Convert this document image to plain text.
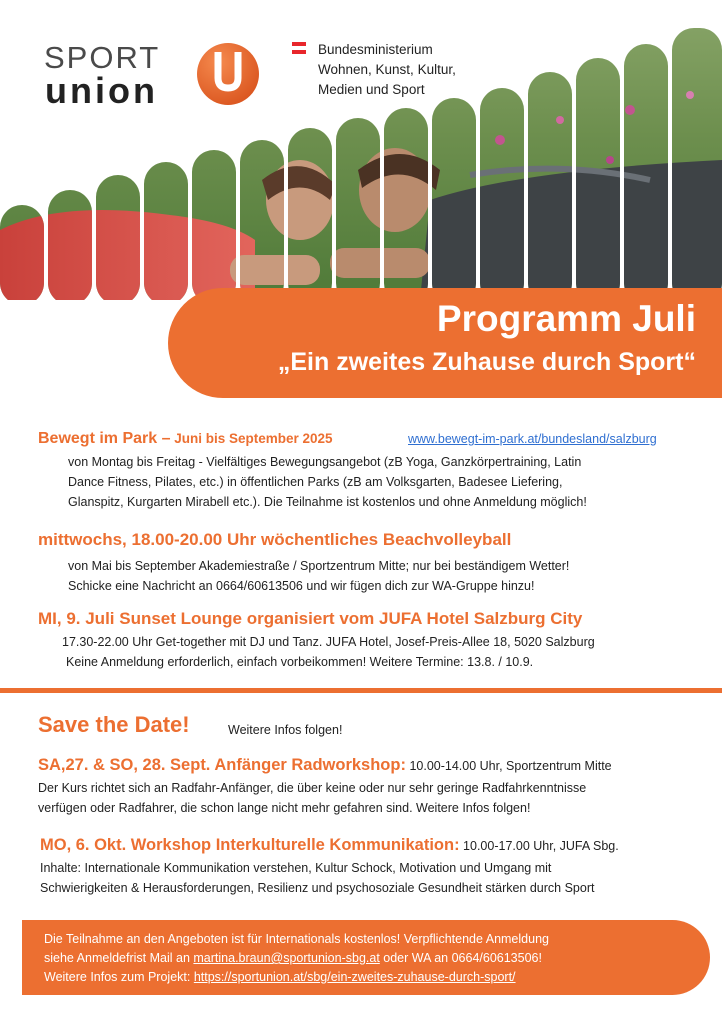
SPORT
union
Bundesministerium
Wohnen, Kunst, Kultur,
Medien und Sport
Programm Juli
„Ein zweites Zuhause durch Sport“
Bewegt im Park – Juni bis September 2025	www.bewegt-im-park.at/bundesland/salzburg
von Montag bis Freitag - Vielfältiges Bewegungsangebot (zB Yoga, Ganzkörpertraining, Latin
Dance Fitness, Pilates, etc.) in öffentlichen Parks (zB am Volksgarten, Badesee Liefering,
Glanspitz, Kurgarten Mirabell etc.). Die Teilnahme ist kostenlos und ohne Anmeldung möglich!
mittwochs, 18.00-20.00 Uhr wöchentliches Beachvolleyball
von Mai bis September Akademiestraße / Sportzentrum Mitte; nur bei beständigem Wetter!
Schicke eine Nachricht an 0664/60613506 und wir fügen dich zur WA-Gruppe hinzu!
MI, 9. Juli Sunset Lounge organisiert vom JUFA Hotel Salzburg City
17.30-22.00 Uhr Get-together mit DJ und Tanz. JUFA Hotel, Josef-Preis-Allee 18, 5020 Salzburg
Keine Anmeldung erforderlich, einfach vorbeikommen! Weitere Termine: 13.8. / 10.9.
Save the Date!	Weitere Infos folgen!
SA,27. & SO, 28. Sept. Anfänger Radworkshop: 10.00-14.00 Uhr, Sportzentrum Mitte
Der Kurs richtet sich an Radfahr-Anfänger, die über keine oder nur sehr geringe Radfahrkenntnisse
verfügen oder Radfahrer, die schon lange nicht mehr gefahren sind. Weitere Infos folgen!
MO, 6. Okt. Workshop Interkulturelle Kommunikation: 10.00-17.00 Uhr, JUFA Sbg.
Inhalte: Internationale Kommunikation verstehen, Kultur Schock, Motivation und Umgang mit
Schwierigkeiten & Herausforderungen, Resilienz und psychosoziale Gesundheit stärken durch Sport
Die Teilnahme an den Angeboten ist für Internationals kostenlos! Verpflichtende Anmeldung
siehe Anmeldefrist Mail an martina.braun@sportunion-sbg.at oder WA an 0664/60613506!
Weitere Infos zum Projekt: https://sportunion.at/sbg/ein-zweites-zuhause-durch-sport/
